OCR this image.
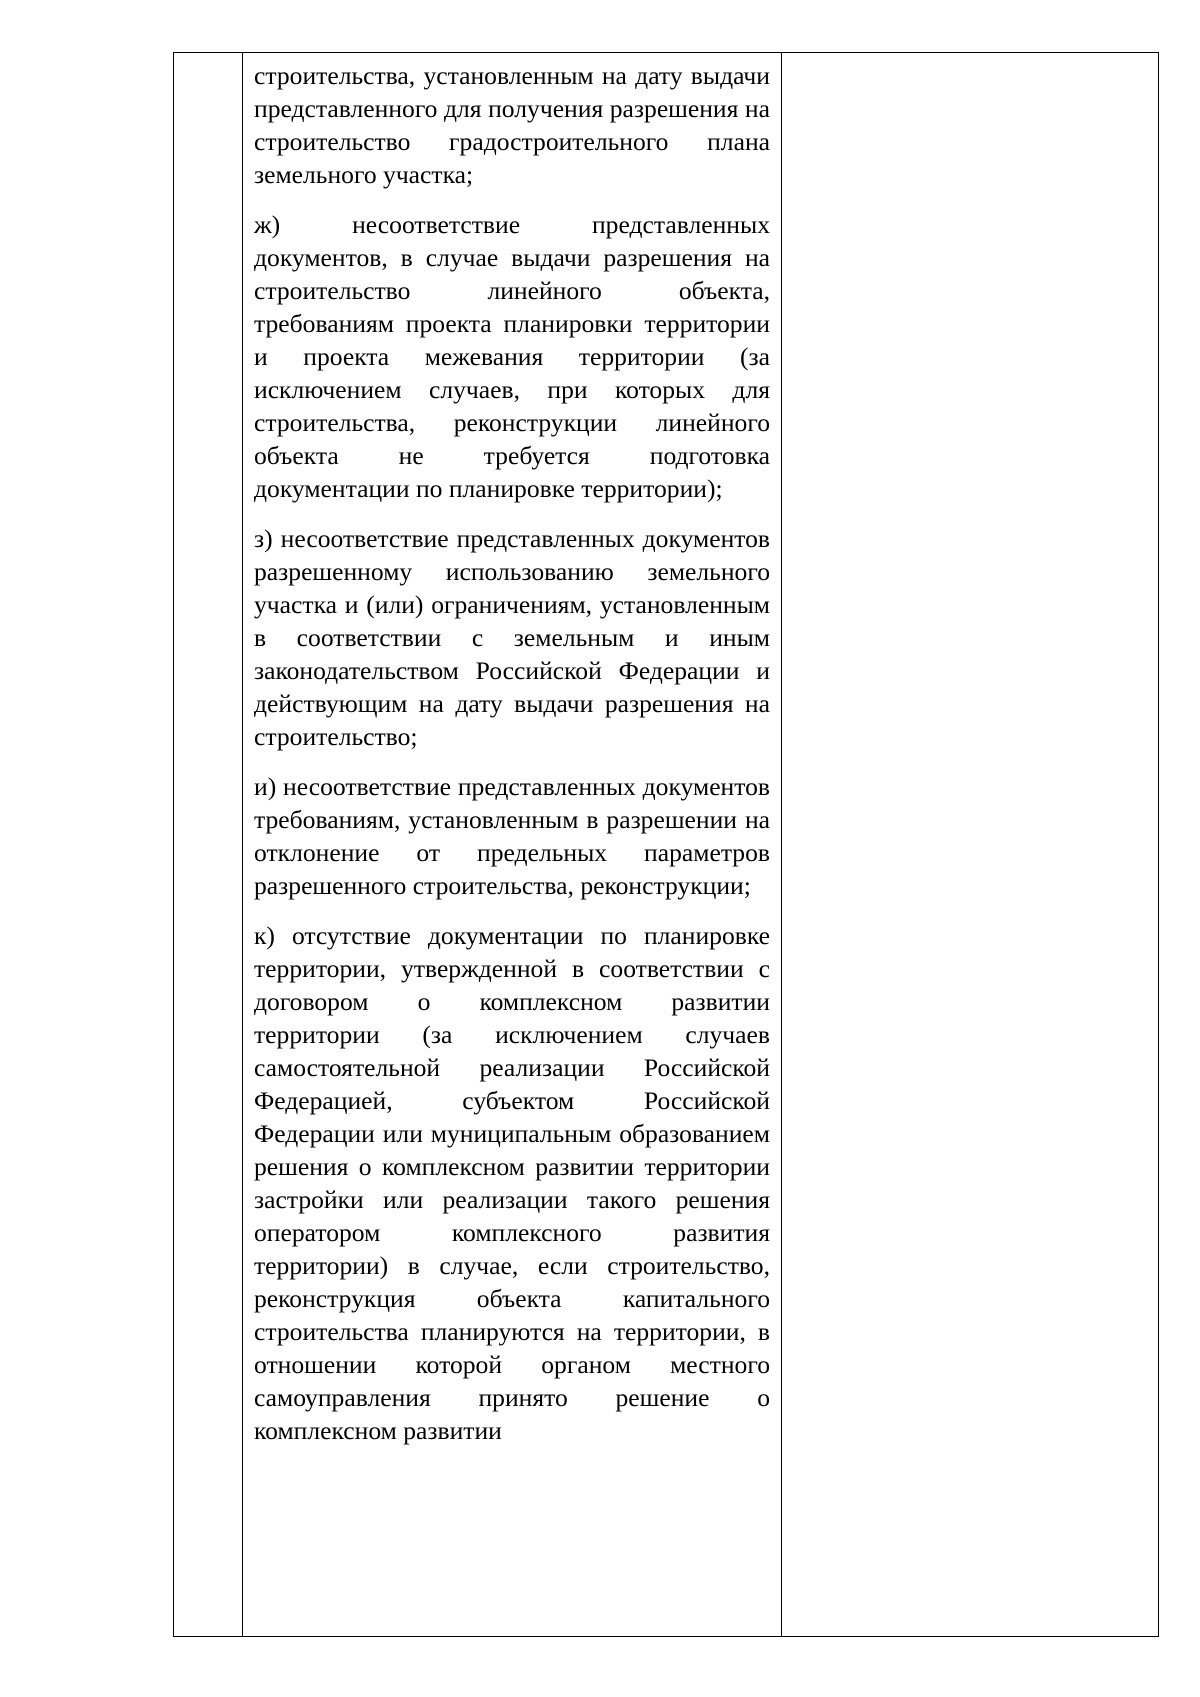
строительства, установленным на дату выдачи представленного для получения разрешения на строительство градостроительного плана земельного участка;

ж) несоответствие представленных документов, в случае выдачи разрешения на строительство линейного объекта, требованиям проекта планировки территории и проекта межевания территории (за исключением случаев, при которых для строительства, реконструкции линейного объекта не требуется подготовка документации по планировке территории);

з) несоответствие представленных документов разрешенному использованию земельного участка и (или) ограничениям, установленным в соответствии с земельным и иным законодательством Российской Федерации и действующим на дату выдачи разрешения на строительство;

и) несоответствие представленных документов требованиям, установленным в разрешении на отклонение от предельных параметров разрешенного строительства, реконструкции;

к) отсутствие документации по планировке территории, утвержденной в соответствии с договором о комплексном развитии территории (за исключением случаев самостоятельной реализации Российской Федерацией, субъектом Российской Федерации или муниципальным образованием решения о комплексном развитии территории застройки или реализации такого решения оператором комплексного развития территории) в случае, если строительство, реконструкция объекта капитального строительства планируются на территории, в отношении которой органом местного самоуправления принято решение о комплексном развитии
